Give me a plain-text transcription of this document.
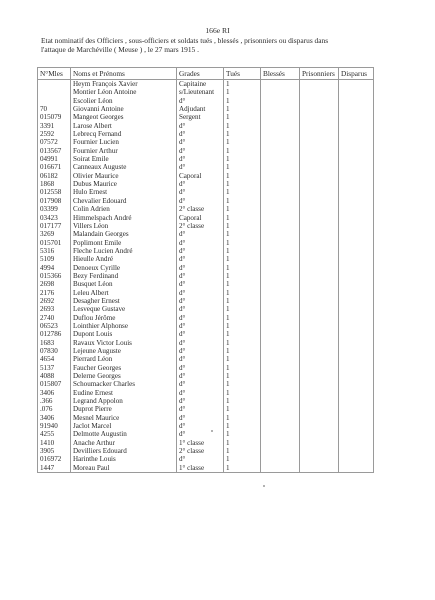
166e RI
Etat nominatif des Officiers , sous-officiers et soldats tués , blessés , prisonniers ou disparus dans
l'attaque de Marchéville ( Meuse ) , le 27 mars 1915 .
N°Mles	Noms et Prénoms	Grades	Tués	Blessés	Prisonniers	Disparus
	Heym François Xavier	Capitaine	1			
	Montier Léon Antoine	s/Lieutenant	1			
	Escolier Léon	d°	1			
70	Giovanni Antoine	Adjudant	1			
015079	Mangeot Georges	Sergent	1			
3391	Larose Albert	d°	1			
2592	Lebrecq Fernand	d°	1			
07572	Fournier Lucien	d°	1			
013567	Fournier Arthur	d°	1			
04991	Soirat Emile	d°	1			
016671	Canneaux Auguste	d°	1			
06182	Olivier Maurice	Caporal	1			
1868	Dubus Maurice	d°	1			
012558	Hulo Ernest	d°	1			
017908	Chevalier Edouard	d°	1			
03399	Colin Adrien	2° classe	1			
03423	Himmelspach André	Caporal	1			
017177	Villers Léon	2° classe	1			
3269	Malandain Georges	d°	1			
015701	Poplimont Emile	d°	1			
5316	Fleche Lucien André	d°	1			
5109	Hieulle André	d°	1			
4994	Denoeux Cyrille	d°	1			
015366	Bezy Ferdinand	d°	1			
2698	Busquet Léon	d°	1			
2176	Leleu Albert	d°	1			
2692	Desagher Ernest	d°	1			
2693	Lesveque Gustave	d°	1			
2740	Duflou Jérôme	d°	1			
06523	Lointhier Alphonse	d°	1			
012786	Dupont Louis	d°	1			
1683	Ravaux Victor Louis	d°	1			
07830	Lejeune Auguste	d°	1			
4654	Pierrard Léon	d°	1			
5137	Faucher Georges	d°	1			
4088	Delerne Georges	d°	1			
015807	Schoumacker Charles	d°	1			
3406	Eudine Ernest	d°	1			
.366	Legrand Appolon	d°	1			
.076	Duprot Pierre	d°	1			
3406	Mesnel Maurice	d°	1			
91940	Jaclot Marcel	d°	1			
4255	Delmotte Augustin	d°	1			
1410	Anache Arthur	1° classe	1			
3905	Devilliers Edouard	2° classe	1			
016972	Harinthe Louis	d°	1			
1447	Moreau Paul	1° classe	1			
